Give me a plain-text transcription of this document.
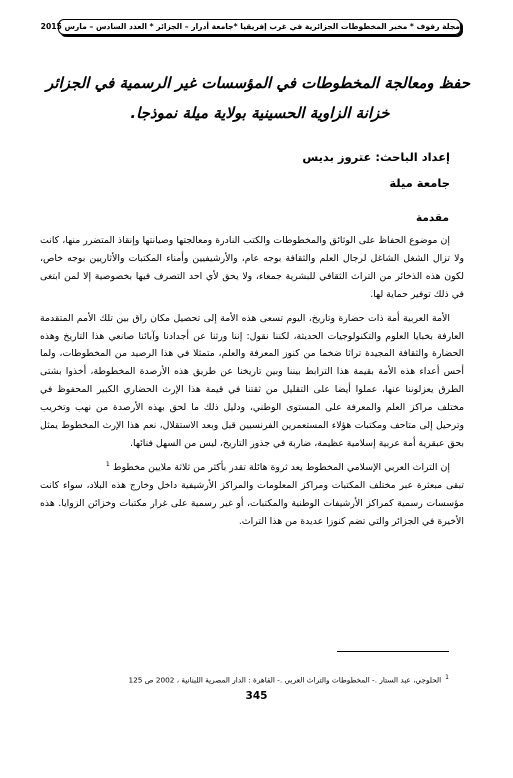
مجلة رفوف * مخبر المخطوطات الجزائرية في غرب إفريقيا *جامعة أدرار – الجزائر * العدد السادس – مارس 2015
حفظ ومعالجة المخطوطات في المؤسسات غير الرسمية في الجزائر
خزانة الزاوية الحسينية بولاية ميلة نموذجا.
إعداد الباحث: عتروز بديس
جامعة ميلة
مقدمة

إن موضوع الحفاظ على الوثائق والمخطوطات والكتب النادرة ومعالجتها وصيانتها وإنقاذ المتضرر منها، كانت ولا تزال الشغل الشاغل لرجال العلم والثقافة بوجه عام، والأرشيفيين وأمناء المكتبات والأثاريين بوجه خاص، لكون هذه الذخائر من التراث الثقافي للبشرية جمعاء، ولا يحق لأي احد التصرف فيها بخصوصية إلا لمن ابتغى في ذلك توفير حماية لها.

الأمة العربية أمة ذات حضارة وتاريخ، اليوم تسعى هذه الأمة إلى تحصيل مكان راق بين تلك الأمم المتقدمة العارفة بخبايا العلوم والتكنولوجيات الحديثة، لكننا نقول: إننا ورثنا عن أجدادنا وآبائنا صانعي هذا التاريخ وهذه الحضارة والثقافة المجيدة تراثا ضخما من كنوز المعرفة والعلم، متمثلا في هذا الرصيد من المخطوطات، ولما أحس أعداء هذه الأمة بقيمة هذا الترابط بيننا وبين تاريخنا عن طريق هذه الأرصدة المخطوطة، أخذوا بشتى الطرق يعزلوننا عنها، عملوا أيضا على التقليل من ثقتنا في قيمة هذا الإرث الحضاري الكبير المحفوظ في مختلف مراكز العلم والمعرفة على المستوى الوطني، ودليل ذلك ما لحق بهذه الأرصدة من نهب وتخريب وترحيل إلى متاحف ومكتبات هؤلاء المستعمرين الفرنسيين قبل وبعد الاستقلال، نعم هذا الإرث المخطوط يمثل بحق عبقرية أمة عربية إسلامية عظيمة، ضاربة في جذور التاريخ، ليس من السهل فنائها.

إن التراث العربي الإسلامي المخطوط يعد ثروة هائلة تقدر بأكثر من ثلاثة ملايين مخطوط $^1$

تبقى مبعثرة عبر مختلف المكتبات ومراكز المعلومات والمراكز الأرشيفية داخل وخارج هذه البلاد، سواء كانت مؤسسات رسمية كمراكز الأرشيفات الوطنية والمكتبات، أو غير رسمية على غرار مكتبات وخزائن الزوايا. هذه الأخيرة في الجزائر والتي تضم كنوزا عديدة من هذا التراث.

$^1$الحلوجي، عبد الستار .- المخطوطات والتراث العربي .- القاهرة : الدار المصرية اللبنانية ، 2002 ص 125
345
